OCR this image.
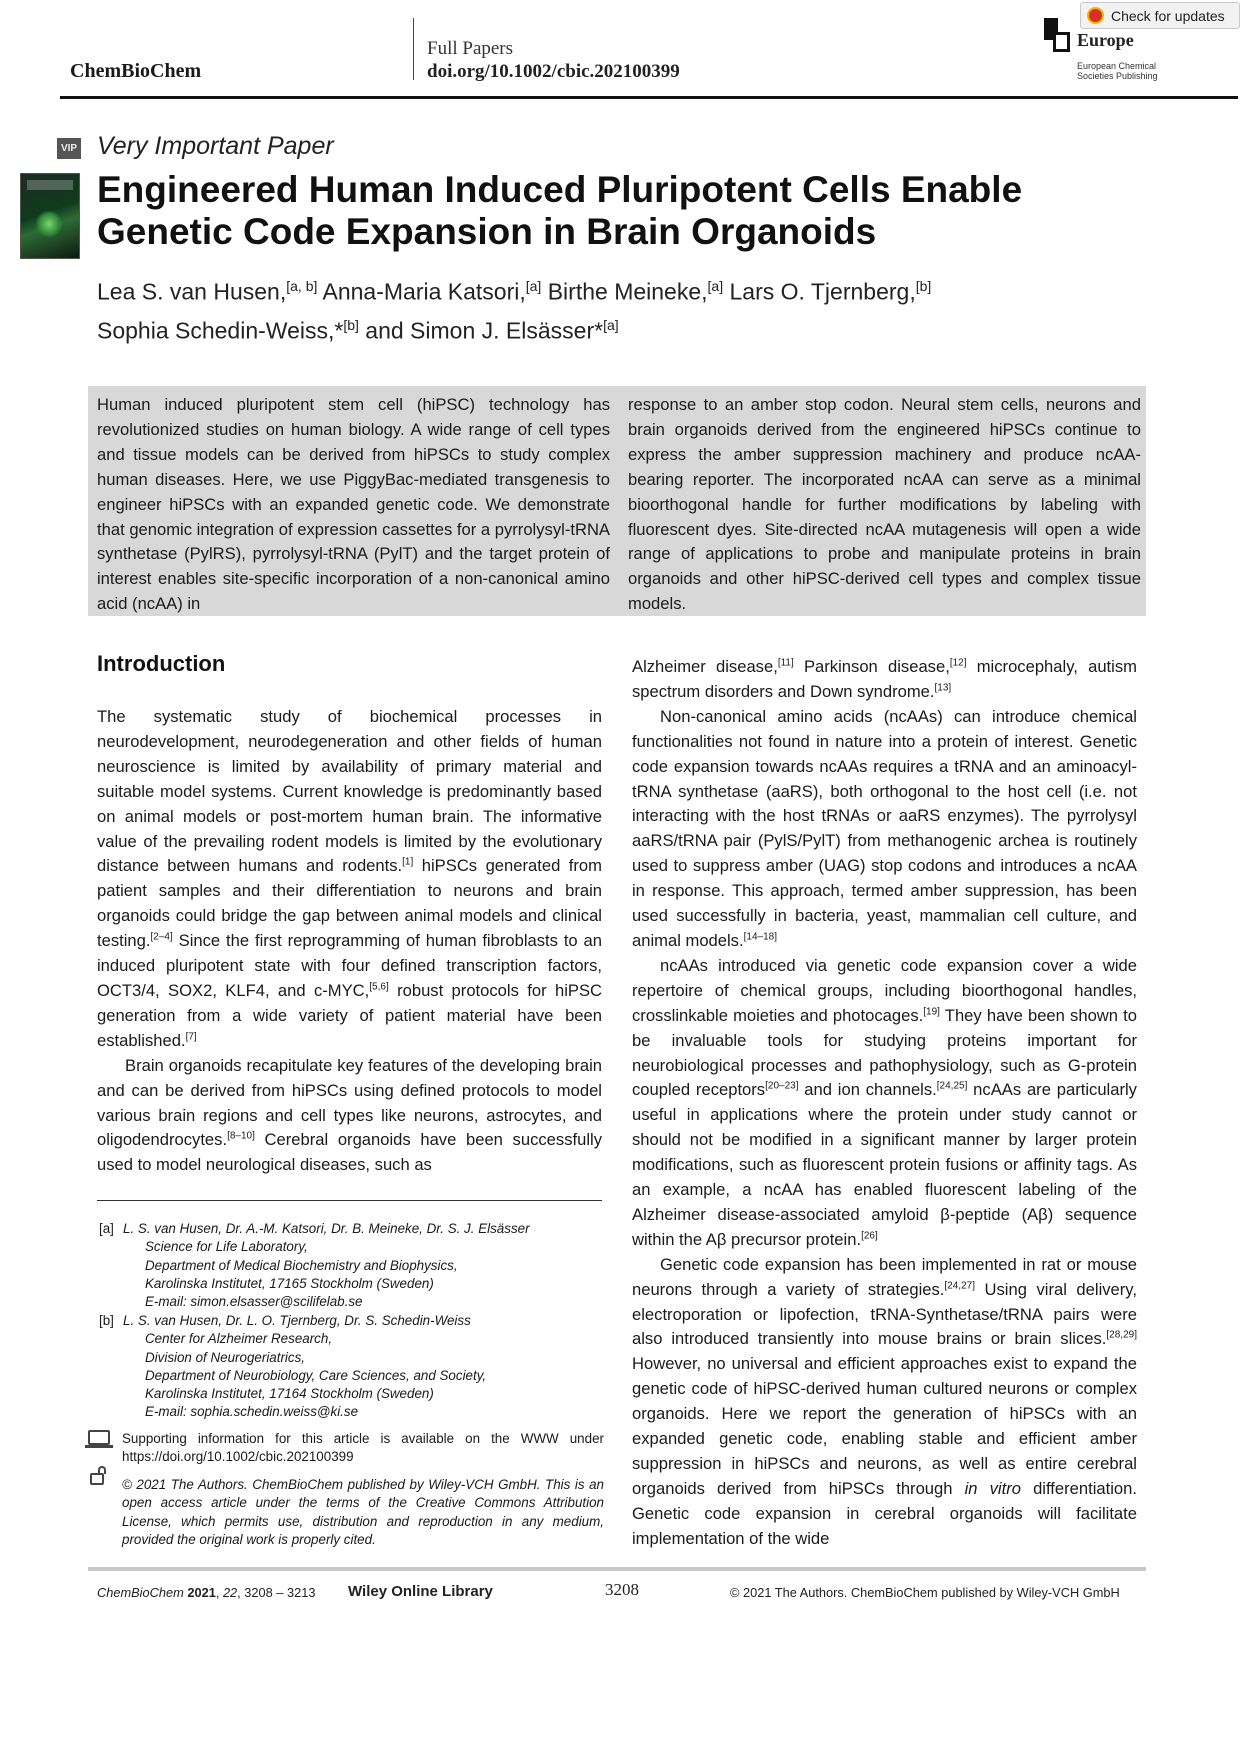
ChemBioChem
Full Papers
doi.org/10.1002/cbic.202100399
Europe
European Chemical
Societies Publishing
Check for updates
VIP Very Important Paper
Engineered Human Induced Pluripotent Cells Enable
Genetic Code Expansion in Brain Organoids
Lea S. van Husen,[a, b] Anna-Maria Katsori,[a] Birthe Meineke,[a] Lars O. Tjernberg,[b]
Sophia Schedin-Weiss,*[b] and Simon J. Elsässer*[a]
Human induced pluripotent stem cell (hiPSC) technology has revolutionized studies on human biology. A wide range of cell types and tissue models can be derived from hiPSCs to study complex human diseases. Here, we use PiggyBac-mediated transgenesis to engineer hiPSCs with an expanded genetic code. We demonstrate that genomic integration of expression cassettes for a pyrrolysyl-tRNA synthetase (PylRS), pyrrolysyl-tRNA (PylT) and the target protein of interest enables site-specific incorporation of a non-canonical amino acid (ncAA) in
response to an amber stop codon. Neural stem cells, neurons and brain organoids derived from the engineered hiPSCs continue to express the amber suppression machinery and produce ncAA-bearing reporter. The incorporated ncAA can serve as a minimal bioorthogonal handle for further modifications by labeling with fluorescent dyes. Site-directed ncAA mutagenesis will open a wide range of applications to probe and manipulate proteins in brain organoids and other hiPSC-derived cell types and complex tissue models.
Introduction

The systematic study of biochemical processes in neurodevelopment, neurodegeneration and other fields of human neuroscience is limited by availability of primary material and suitable model systems. Current knowledge is predominantly based on animal models or post-mortem human brain. The informative value of the prevailing rodent models is limited by the evolutionary distance between humans and rodents.[1] hiPSCs generated from patient samples and their differentiation to neurons and brain organoids could bridge the gap between animal models and clinical testing.[2–4] Since the first reprogramming of human fibroblasts to an induced pluripotent state with four defined transcription factors, OCT3/4, SOX2, KLF4, and c-MYC,[5,6] robust protocols for hiPSC generation from a wide variety of patient material have been established.[7]

Brain organoids recapitulate key features of the developing brain and can be derived from hiPSCs using defined protocols to model various brain regions and cell types like neurons, astrocytes, and oligodendrocytes.[8–10] Cerebral organoids have been successfully used to model neurological diseases, such as

Alzheimer disease,[11] Parkinson disease,[12] microcephaly, autism spectrum disorders and Down syndrome.[13]

Non-canonical amino acids (ncAAs) can introduce chemical functionalities not found in nature into a protein of interest. Genetic code expansion towards ncAAs requires a tRNA and an aminoacyl-tRNA synthetase (aaRS), both orthogonal to the host cell (i.e. not interacting with the host tRNAs or aaRS enzymes). The pyrrolysyl aaRS/tRNA pair (PylS/PylT) from methanogenic archea is routinely used to suppress amber (UAG) stop codons and introduces a ncAA in response. This approach, termed amber suppression, has been used successfully in bacteria, yeast, mammalian cell culture, and animal models.[14–18]

ncAAs introduced via genetic code expansion cover a wide repertoire of chemical groups, including bioorthogonal handles, crosslinkable moieties and photocages.[19] They have been shown to be invaluable tools for studying proteins important for neurobiological processes and pathophysiology, such as G-protein coupled receptors[20–23] and ion channels.[24,25] ncAAs are particularly useful in applications where the protein under study cannot or should not be modified in a significant manner by larger protein modifications, such as fluorescent protein fusions or affinity tags. As an example, a ncAA has enabled fluorescent labeling of the Alzheimer disease-associated amyloid β-peptide (Aβ) sequence within the Aβ precursor protein.[26]

Genetic code expansion has been implemented in rat or mouse neurons through a variety of strategies.[24,27] Using viral delivery, electroporation or lipofection, tRNA-Synthetase/tRNA pairs were also introduced transiently into mouse brains or brain slices.[28,29] However, no universal and efficient approaches exist to expand the genetic code of hiPSC-derived human cultured neurons or complex organoids. Here we report the generation of hiPSCs with an expanded genetic code, enabling stable and efficient amber suppression in hiPSCs and neurons, as well as entire cerebral organoids derived from hiPSCs through in vitro differentiation. Genetic code expansion in cerebral organoids will facilitate implementation of the wide

[a] L. S. van Husen, Dr. A.-M. Katsori, Dr. B. Meineke, Dr. S. J. Elsässer
Science for Life Laboratory,
Department of Medical Biochemistry and Biophysics,
Karolinska Institutet, 17165 Stockholm (Sweden)
E-mail: simon.elsasser@scilifelab.se
[b] L. S. van Husen, Dr. L. O. Tjernberg, Dr. S. Schedin-Weiss
Center for Alzheimer Research,
Division of Neurogeriatrics,
Department of Neurobiology, Care Sciences, and Society,
Karolinska Institutet, 17164 Stockholm (Sweden)
E-mail: sophia.schedin.weiss@ki.se
Supporting information for this article is available on the WWW under https://doi.org/10.1002/cbic.202100399
© 2021 The Authors. ChemBioChem published by Wiley-VCH GmbH. This is an open access article under the terms of the Creative Commons Attribution License, which permits use, distribution and reproduction in any medium, provided the original work is properly cited.
ChemBioChem 2021, 22, 3208 – 3213 Wiley Online Library	3208	© 2021 The Authors. ChemBioChem published by Wiley-VCH GmbH
